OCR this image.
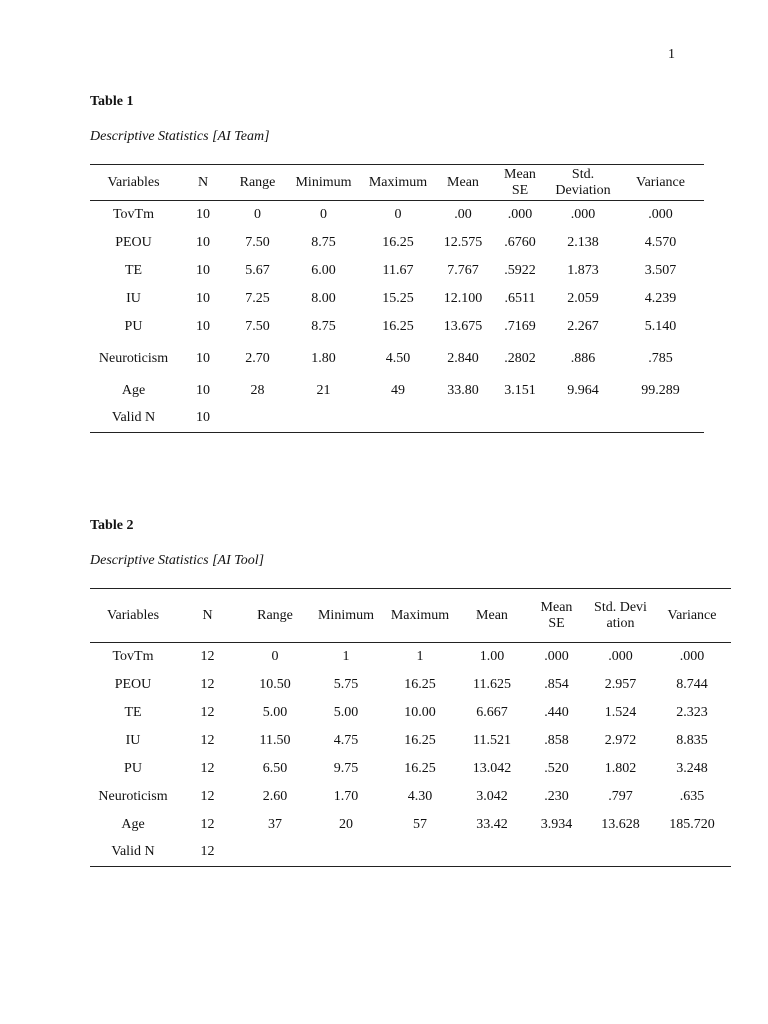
1
Table 1
Descriptive Statistics [AI Team]
Variables	N	Range	Minimum	Maximum	Mean	Mean SE	Std. Deviation	Variance
TovTm	10	0	0	0	.00	.000	.000	.000
PEOU	10	7.50	8.75	16.25	12.575	.6760	2.138	4.570
TE	10	5.67	6.00	11.67	7.767	.5922	1.873	3.507
IU	10	7.25	8.00	15.25	12.100	.6511	2.059	4.239
PU	10	7.50	8.75	16.25	13.675	.7169	2.267	5.140
Neuroticism	10	2.70	1.80	4.50	2.840	.2802	.886	.785
Age	10	28	21	49	33.80	3.151	9.964	99.289
Valid N	10							
Table 2
Descriptive Statistics [AI Tool]
Variables	N	Range	Minimum	Maximum	Mean	Mean SE	Std. Deviation	Variance
TovTm	12	0	1	1	1.00	.000	.000	.000
PEOU	12	10.50	5.75	16.25	11.625	.854	2.957	8.744
TE	12	5.00	5.00	10.00	6.667	.440	1.524	2.323
IU	12	11.50	4.75	16.25	11.521	.858	2.972	8.835
PU	12	6.50	9.75	16.25	13.042	.520	1.802	3.248
Neuroticism	12	2.60	1.70	4.30	3.042	.230	.797	.635
Age	12	37	20	57	33.42	3.934	13.628	185.720
Valid N	12							
